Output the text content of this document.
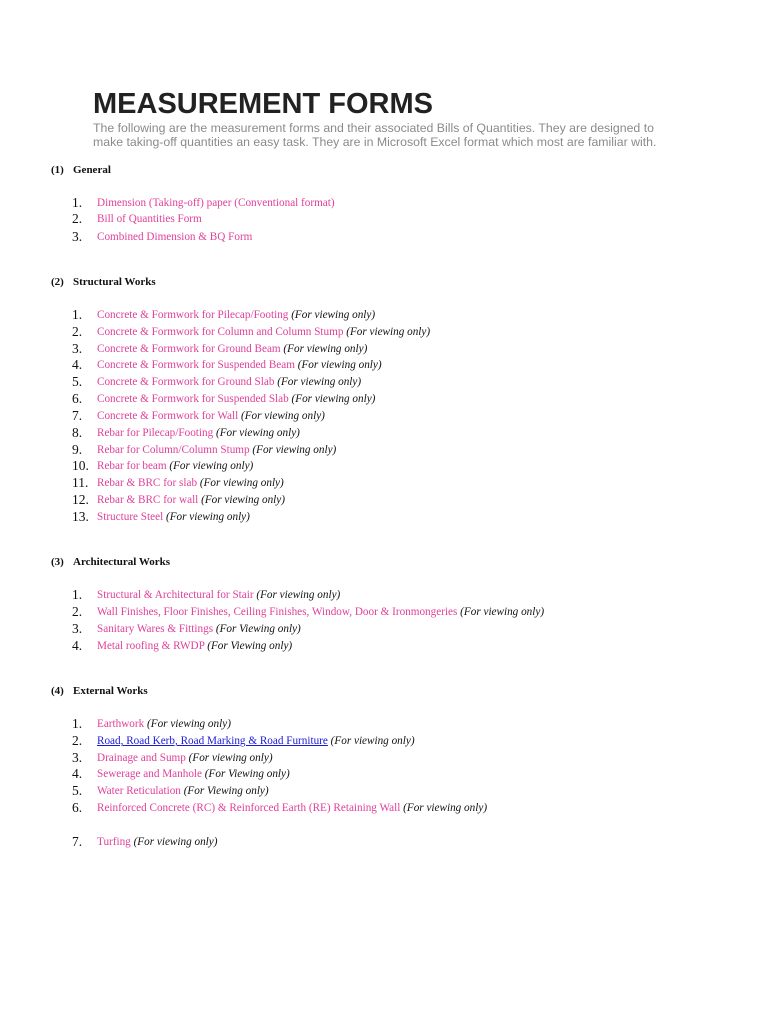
MEASUREMENT FORMS

The following are the measurement forms and their associated Bills of Quantities. They are designed to make taking-off quantities an easy task. They are in Microsoft Excel format which most are familiar with.

(1) General
1.	Dimension (Taking-off) paper (Conventional format)
2.	Bill of Quantities Form
3.	Combined Dimension & BQ Form
(2) Structural Works
1.	Concrete & Formwork for Pilecap/Footing (For viewing only)
2.	Concrete & Formwork for Column and Column Stump (For viewing only)
3.	Concrete & Formwork for Ground Beam (For viewing only)
4.	Concrete & Formwork for Suspended Beam (For viewing only)
5.	Concrete & Formwork for Ground Slab (For viewing only)
6.	Concrete & Formwork for Suspended Slab (For viewing only)
7.	Concrete & Formwork for Wall (For viewing only)
8.	Rebar for Pilecap/Footing (For viewing only)
9.	Rebar for Column/Column Stump (For viewing only)
10. Rebar for beam (For viewing only)
11. Rebar & BRC for slab (For viewing only)
12. Rebar & BRC for wall (For viewing only)
13. Structure Steel (For viewing only)
(3) Architectural Works
1.	Structural & Architectural for Stair (For viewing only)
2.	Wall Finishes, Floor Finishes, Ceiling Finishes, Window, Door & Ironmongeries (For viewing only)
3.	Sanitary Wares & Fittings (For Viewing only)
4.	Metal roofing & RWDP (For Viewing only)
(4) External Works
1.	Earthwork (For viewing only)
2.	Road, Road Kerb, Road Marking & Road Furniture (For viewing only)
3.	Drainage and Sump (For viewing only)
4.	Sewerage and Manhole (For Viewing only)
5.	Water Reticulation (For Viewing only)
6.	Reinforced Concrete (RC) & Reinforced Earth (RE) Retaining Wall (For viewing only)
7.	Turfing (For viewing only)
